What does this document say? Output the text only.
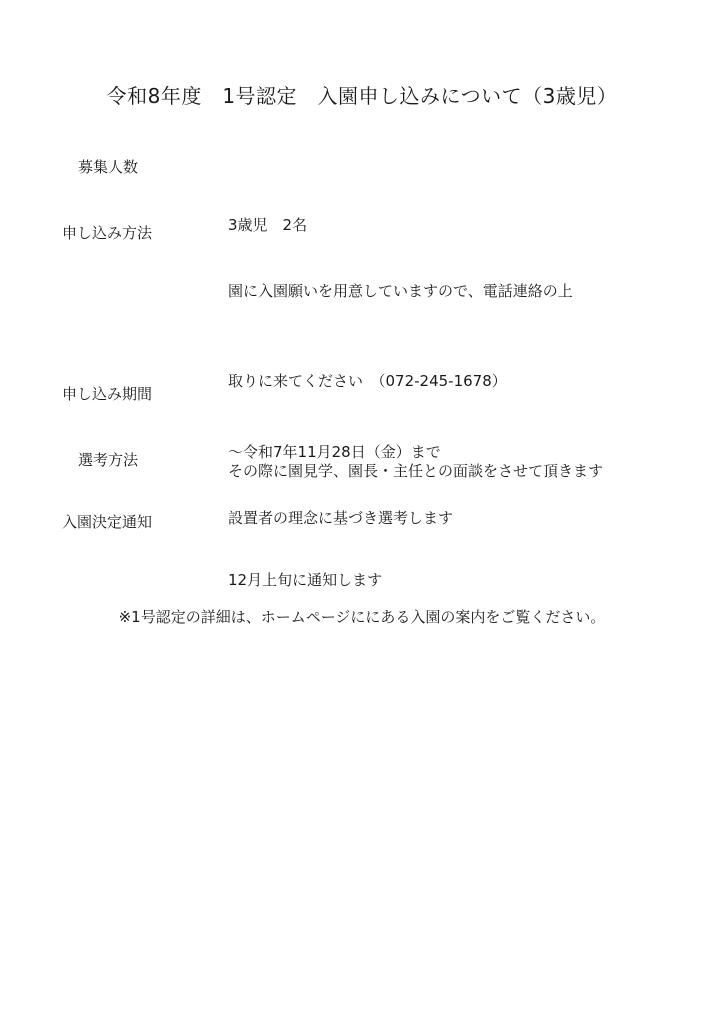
令和8年度　1号認定　入園申し込みについて（3歳児）
募集人数

3歳児　2名

申し込み方法

園に入園願いを用意していますので、電話連絡の上

取りに来てください　（072-245-1678）

その際に園見学、園長・主任との面談をさせて頂きます

申し込み期間

～令和7年11月28日（金）まで

選考方法

設置者の理念に基づき選考します

入園決定通知

12月上旬に通知します

※1号認定の詳細は、ホームページににある入園の案内をご覧ください。
